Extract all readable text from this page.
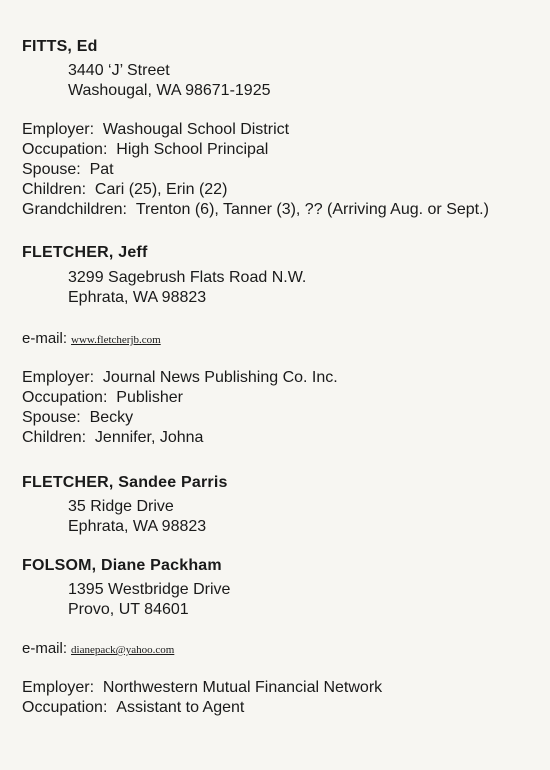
FITTS, Ed
3440 ‘J’ Street
Washougal, WA 98671-1925
Employer: Washougal School District
Occupation: High School Principal
Spouse: Pat
Children: Cari (25), Erin (22)
Grandchildren: Trenton (6), Tanner (3), ?? (Arriving Aug. or Sept.)
FLETCHER, Jeff
3299 Sagebrush Flats Road N.W.
Ephrata, WA 98823
e-mail: www.fletcherjb.com
Employer: Journal News Publishing Co. Inc.
Occupation: Publisher
Spouse: Becky
Children: Jennifer, Johna
FLETCHER, Sandee Parris
35 Ridge Drive
Ephrata, WA 98823
FOLSOM, Diane Packham
1395 Westbridge Drive
Provo, UT 84601
e-mail: dianepack@yahoo.com
Employer: Northwestern Mutual Financial Network
Occupation: Assistant to Agent
